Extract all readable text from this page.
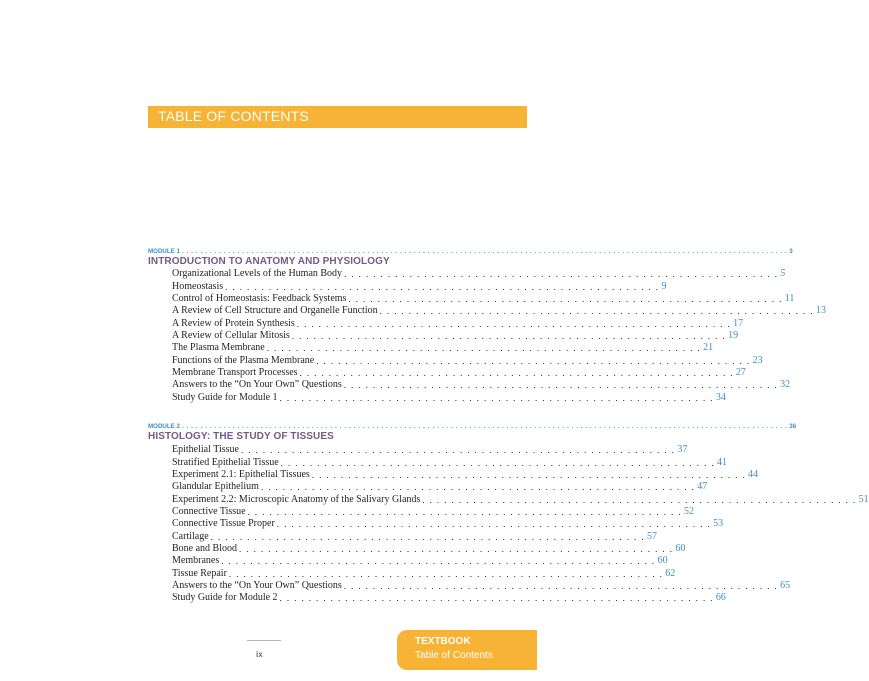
TABLE OF CONTENTS
MODULE 1 . . . . . . . . . . . . . . . . . . . . . . . . . . . . . . . . . . . . . . . . . . . . . . . . . . . . . . . . . . . . . . . . . . . . . . . . . . . . . . . . . . . . . . . . . . . . . . . . . . . . . . . . . . . . . . . . . . . . . . . . . . . . . . . . . . . 3
INTRODUCTION TO ANATOMY AND PHYSIOLOGY
Organizational Levels of the Human Body . . . . . . . . . . . . . . . . . . . . . . . . . . . . . . . . . . . . . . . . . . . . . . . . . . . . . . . . . . . . 5
Homeostasis . . . . . . . . . . . . . . . . . . . . . . . . . . . . . . . . . . . . . . . . . . . . . . . . . . . . . . . . . . . . 9
Control of Homeostasis: Feedback Systems . . . . . . . . . . . . . . . . . . . . . . . . . . . . . . . . . . . . . . . . . . . . . . . . . . . . . . . . . . . . 11
A Review of Cell Structure and Organelle Function . . . . . . . . . . . . . . . . . . . . . . . . . . . . . . . . . . . . . . . . . . . . . . . . . . . . . . . . . . . . 13
A Review of Protein Synthesis . . . . . . . . . . . . . . . . . . . . . . . . . . . . . . . . . . . . . . . . . . . . . . . . . . . . . . . . . . . . 17
A Review of Cellular Mitosis . . . . . . . . . . . . . . . . . . . . . . . . . . . . . . . . . . . . . . . . . . . . . . . . . . . . . . . . . . . . 19
The Plasma Membrane . . . . . . . . . . . . . . . . . . . . . . . . . . . . . . . . . . . . . . . . . . . . . . . . . . . . . . . . . . . . 21
Functions of the Plasma Membrane . . . . . . . . . . . . . . . . . . . . . . . . . . . . . . . . . . . . . . . . . . . . . . . . . . . . . . . . . . . . 23
Membrane Transport Processes . . . . . . . . . . . . . . . . . . . . . . . . . . . . . . . . . . . . . . . . . . . . . . . . . . . . . . . . . . . . 27
Answers to the “On Your Own” Questions . . . . . . . . . . . . . . . . . . . . . . . . . . . . . . . . . . . . . . . . . . . . . . . . . . . . . . . . . . . . 32
Study Guide for Module 1 . . . . . . . . . . . . . . . . . . . . . . . . . . . . . . . . . . . . . . . . . . . . . . . . . . . . . . . . . . . . 34
MODULE 2 . . . . . . . . . . . . . . . . . . . . . . . . . . . . . . . . . . . . . . . . . . . . . . . . . . . . . . . . . . . . . . . . . . . . . . . . . . . . . . . . . . . . . . . . . . . . . . . . . . . . . . . . . . . . . . . . . . . . . . . . . . . . . . . . . . . 36
HISTOLOGY: THE STUDY OF TISSUES
Epithelial Tissue . . . . . . . . . . . . . . . . . . . . . . . . . . . . . . . . . . . . . . . . . . . . . . . . . . . . . . . . . . . . 37
Stratified Epithelial Tissue . . . . . . . . . . . . . . . . . . . . . . . . . . . . . . . . . . . . . . . . . . . . . . . . . . . . . . . . . . . . 41
Experiment 2.1: Epithelial Tissues . . . . . . . . . . . . . . . . . . . . . . . . . . . . . . . . . . . . . . . . . . . . . . . . . . . . . . . . . . . . 44
Glandular Epithelium . . . . . . . . . . . . . . . . . . . . . . . . . . . . . . . . . . . . . . . . . . . . . . . . . . . . . . . . . . . . 47
Experiment 2.2: Microscopic Anatomy of the Salivary Glands . . . . . . . . . . . . . . . . . . . . . . . . . . . . . . . . . . . . . . . . . . . . . . . . . . . . . . . . . . . . 51
Connective Tissue . . . . . . . . . . . . . . . . . . . . . . . . . . . . . . . . . . . . . . . . . . . . . . . . . . . . . . . . . . . . 52
Connective Tissue Proper . . . . . . . . . . . . . . . . . . . . . . . . . . . . . . . . . . . . . . . . . . . . . . . . . . . . . . . . . . . . 53
Cartilage . . . . . . . . . . . . . . . . . . . . . . . . . . . . . . . . . . . . . . . . . . . . . . . . . . . . . . . . . . . . 57
Bone and Blood . . . . . . . . . . . . . . . . . . . . . . . . . . . . . . . . . . . . . . . . . . . . . . . . . . . . . . . . . . . . 60
Membranes . . . . . . . . . . . . . . . . . . . . . . . . . . . . . . . . . . . . . . . . . . . . . . . . . . . . . . . . . . . . 60
Tissue Repair . . . . . . . . . . . . . . . . . . . . . . . . . . . . . . . . . . . . . . . . . . . . . . . . . . . . . . . . . . . . 62
Answers to the “On Your Own” Questions . . . . . . . . . . . . . . . . . . . . . . . . . . . . . . . . . . . . . . . . . . . . . . . . . . . . . . . . . . . . 65
Study Guide for Module 2 . . . . . . . . . . . . . . . . . . . . . . . . . . . . . . . . . . . . . . . . . . . . . . . . . . . . . . . . . . . . 66
ix
TEXTBOOK
Table of Contents
